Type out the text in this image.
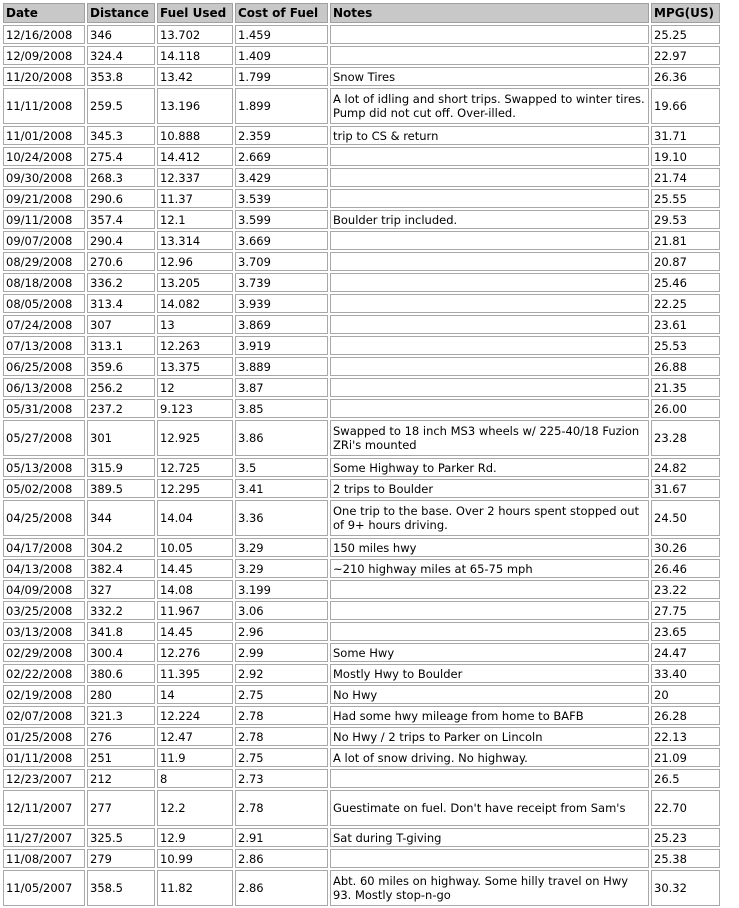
Date	Distance	Fuel Used	Cost of Fuel	Notes	MPG(US)
12/16/2008	346	13.702	1.459		25.25
12/09/2008	324.4	14.118	1.409		22.97
11/20/2008	353.8	13.42	1.799	Snow Tires	26.36
11/11/2008	259.5	13.196	1.899	A lot of idling and short trips. Swapped to winter tires. Pump did not cut off. Over-illed.	19.66
11/01/2008	345.3	10.888	2.359	trip to CS & return	31.71
10/24/2008	275.4	14.412	2.669		19.10
09/30/2008	268.3	12.337	3.429		21.74
09/21/2008	290.6	11.37	3.539		25.55
09/11/2008	357.4	12.1	3.599	Boulder trip included.	29.53
09/07/2008	290.4	13.314	3.669		21.81
08/29/2008	270.6	12.96	3.709		20.87
08/18/2008	336.2	13.205	3.739		25.46
08/05/2008	313.4	14.082	3.939		22.25
07/24/2008	307	13	3.869		23.61
07/13/2008	313.1	12.263	3.919		25.53
06/25/2008	359.6	13.375	3.889		26.88
06/13/2008	256.2	12	3.87		21.35
05/31/2008	237.2	9.123	3.85		26.00
05/27/2008	301	12.925	3.86	Swapped to 18 inch MS3 wheels w/ 225-40/18 Fuzion ZRi's mounted	23.28
05/13/2008	315.9	12.725	3.5	Some Highway to Parker Rd.	24.82
05/02/2008	389.5	12.295	3.41	2 trips to Boulder	31.67
04/25/2008	344	14.04	3.36	One trip to the base. Over 2 hours spent stopped out of 9+ hours driving.	24.50
04/17/2008	304.2	10.05	3.29	150 miles hwy	30.26
04/13/2008	382.4	14.45	3.29	~210 highway miles at 65-75 mph	26.46
04/09/2008	327	14.08	3.199		23.22
03/25/2008	332.2	11.967	3.06		27.75
03/13/2008	341.8	14.45	2.96		23.65
02/29/2008	300.4	12.276	2.99	Some Hwy	24.47
02/22/2008	380.6	11.395	2.92	Mostly Hwy to Boulder	33.40
02/19/2008	280	14	2.75	No Hwy	20
02/07/2008	321.3	12.224	2.78	Had some hwy mileage from home to BAFB	26.28
01/25/2008	276	12.47	2.78	No Hwy / 2 trips to Parker on Lincoln	22.13
01/11/2008	251	11.9	2.75	A lot of snow driving. No highway.	21.09
12/23/2007	212	8	2.73		26.5
12/11/2007	277	12.2	2.78	Guestimate on fuel. Don't have receipt from Sam's	22.70
11/27/2007	325.5	12.9	2.91	Sat during T-giving	25.23
11/08/2007	279	10.99	2.86		25.38
11/05/2007	358.5	11.82	2.86	Abt. 60 miles on highway. Some hilly travel on Hwy 93. Mostly stop-n-go	30.32
